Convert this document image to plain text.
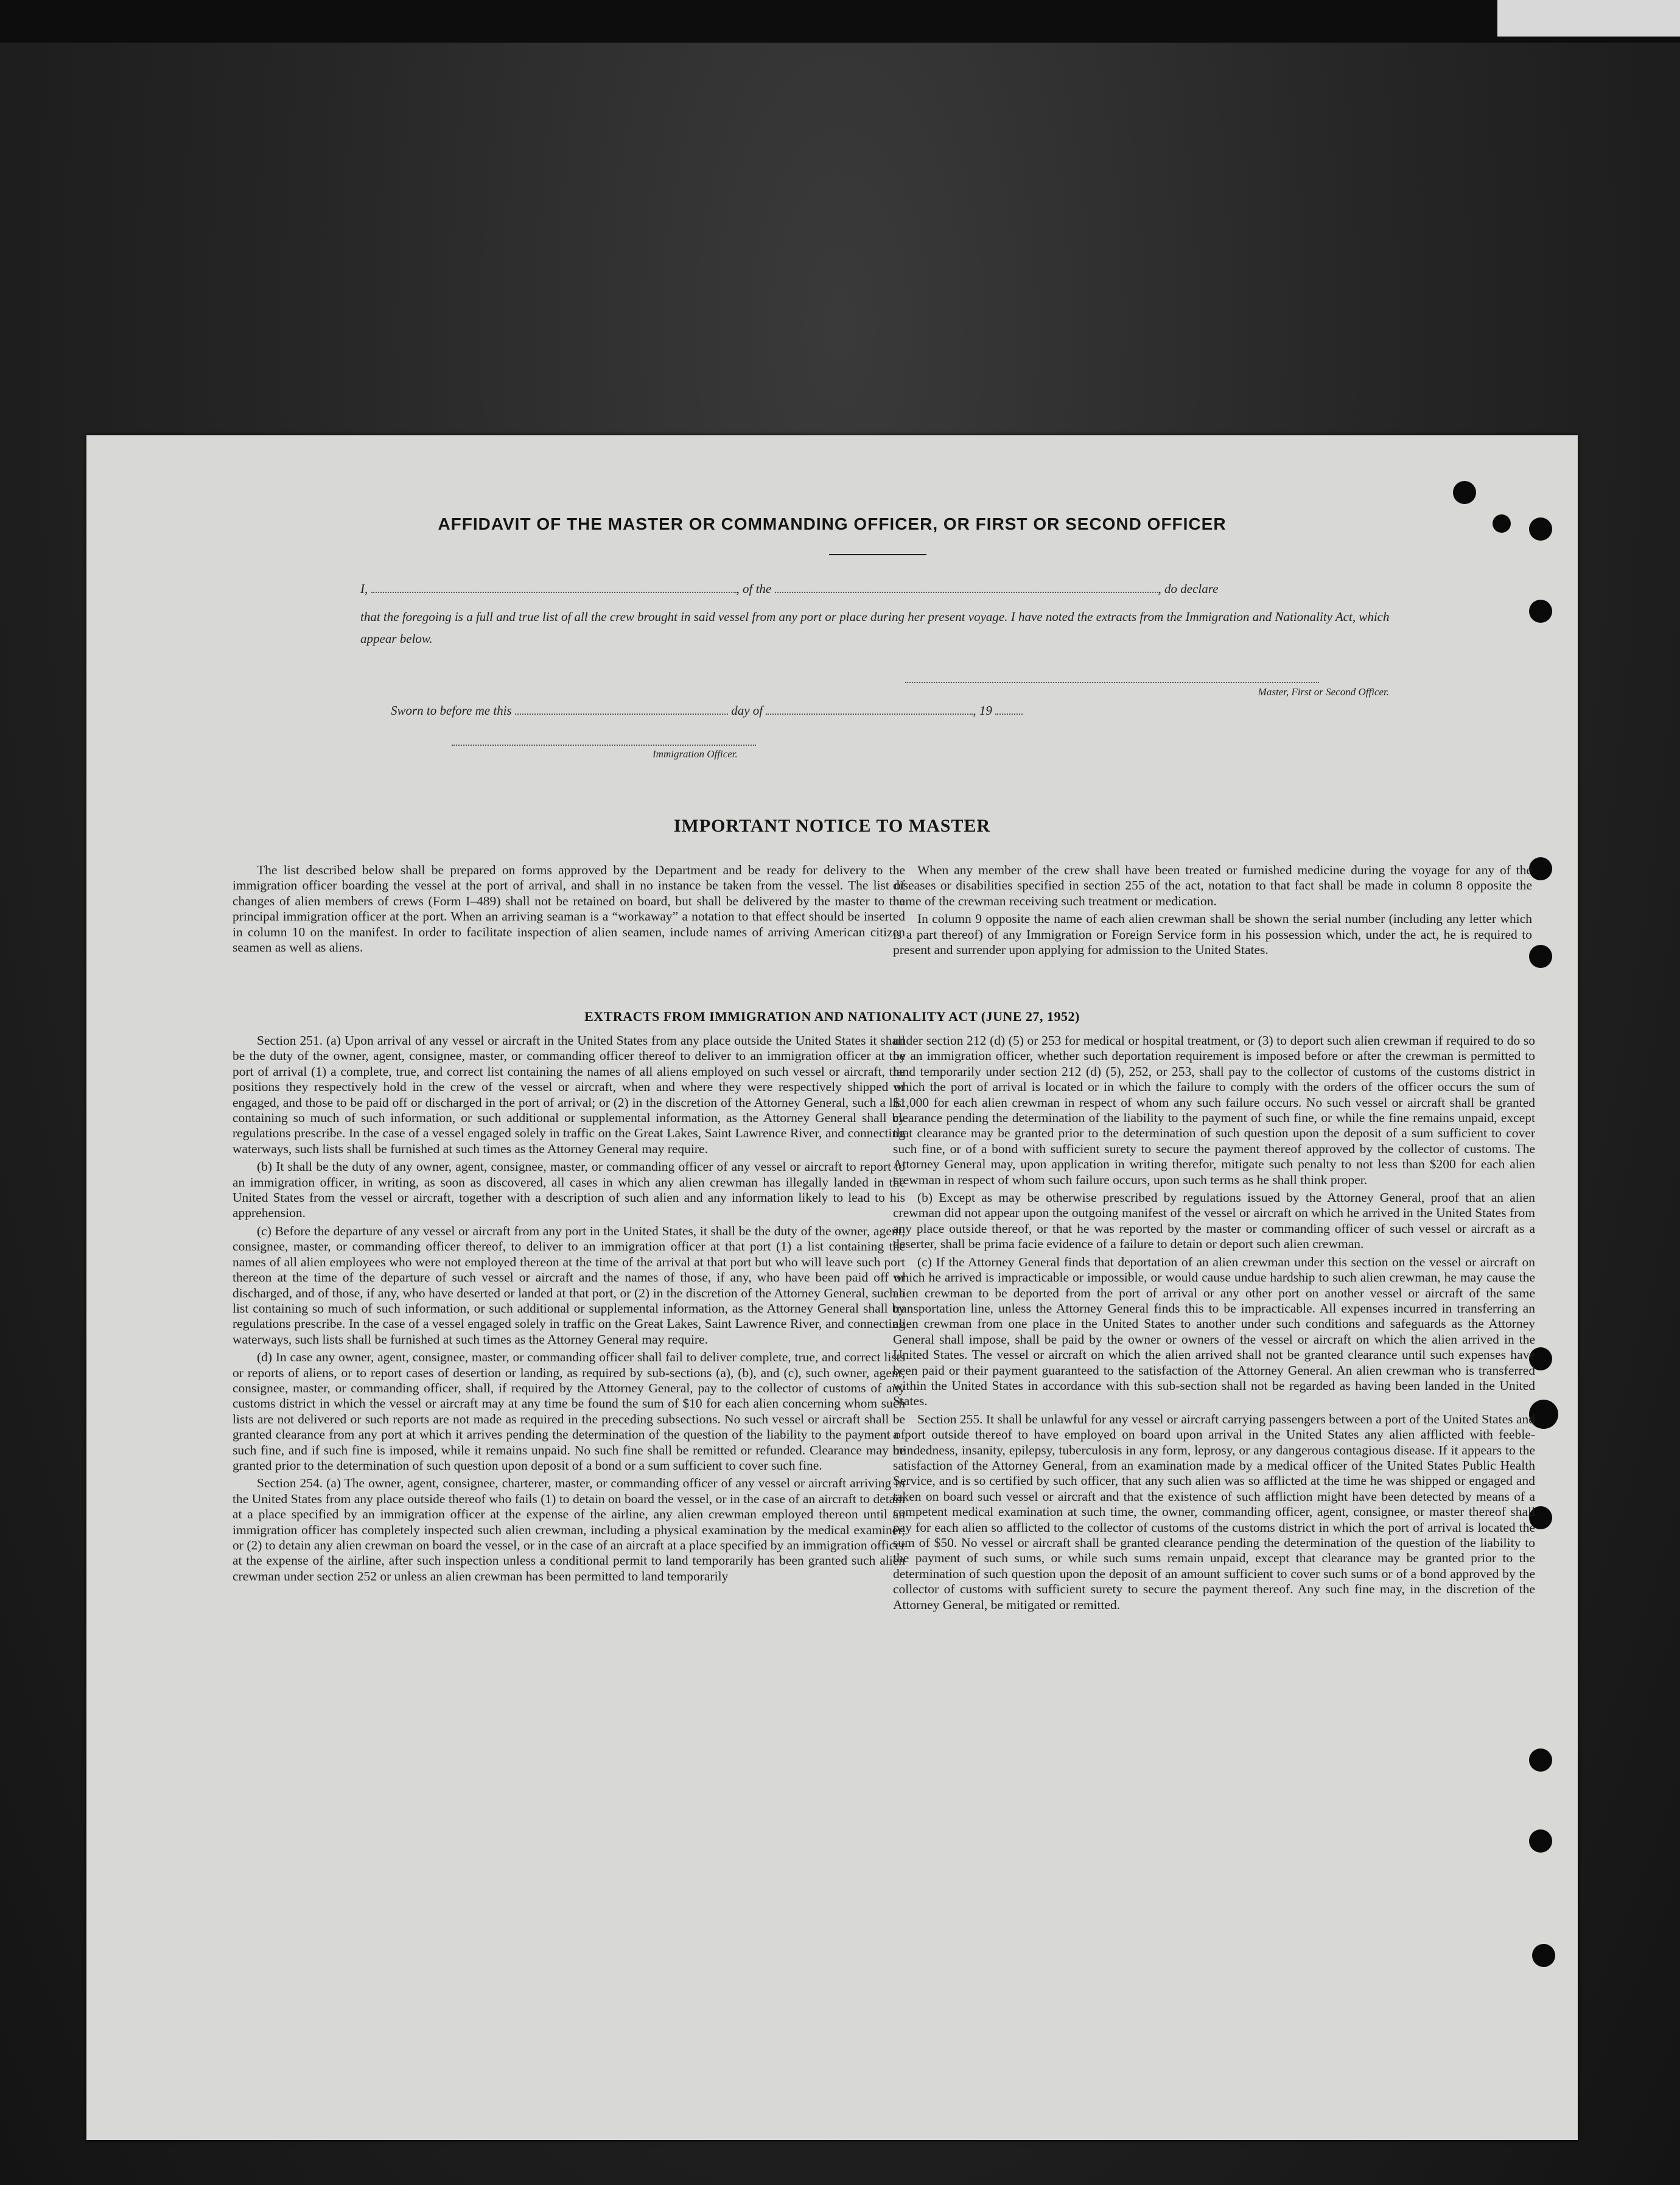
AFFIDAVIT OF THE MASTER OR COMMANDING OFFICER, OR FIRST OR SECOND OFFICER
I,	, of the	, do declare
that the foregoing is a full and true list of all the crew brought in said vessel from any port or place during her present voyage. I have noted the extracts from the Immigration and Nationality Act, which appear below.
Master, First or Second Officer.
Sworn to before me this	day of	, 19
Immigration Officer.
IMPORTANT NOTICE TO MASTER

The list described below shall be prepared on forms approved by the Department and be ready for delivery to the immigration officer boarding the vessel at the port of arrival, and shall in no instance be taken from the vessel. The list of changes of alien members of crews (Form I–489) shall not be retained on board, but shall be delivered by the master to the principal immigration officer at the port. When an arriving seaman is a “workaway” a notation to that effect should be inserted in column 10 on the manifest. In order to facilitate inspection of alien seamen, include names of arriving American citizen seamen as well as aliens.

When any member of the crew shall have been treated or furnished medicine during the voyage for any of the diseases or disabilities specified in section 255 of the act, notation to that fact shall be made in column 8 opposite the name of the crewman receiving such treatment or medication.

In column 9 opposite the name of each alien crewman shall be shown the serial number (including any letter which is a part thereof) of any Immigration or Foreign Service form in his possession which, under the act, he is required to present and surrender upon applying for admission to the United States.

EXTRACTS FROM IMMIGRATION AND NATIONALITY ACT (JUNE 27, 1952)

Section 251. (a) Upon arrival of any vessel or aircraft in the United States from any place outside the United States it shall be the duty of the owner, agent, consignee, master, or commanding officer thereof to deliver to an immigration officer at the port of arrival (1) a complete, true, and correct list containing the names of all aliens employed on such vessel or aircraft, the positions they respectively hold in the crew of the vessel or aircraft, when and where they were respectively shipped or engaged, and those to be paid off or discharged in the port of arrival; or (2) in the discretion of the Attorney General, such a list containing so much of such information, or such additional or supplemental information, as the Attorney General shall by regulations prescribe. In the case of a vessel engaged solely in traffic on the Great Lakes, Saint Lawrence River, and connecting waterways, such lists shall be furnished at such times as the Attorney General may require.

(b) It shall be the duty of any owner, agent, consignee, master, or commanding officer of any vessel or aircraft to report to an immigration officer, in writing, as soon as discovered, all cases in which any alien crewman has illegally landed in the United States from the vessel or aircraft, together with a description of such alien and any information likely to lead to his apprehension.

(c) Before the departure of any vessel or aircraft from any port in the United States, it shall be the duty of the owner, agent, consignee, master, or commanding officer thereof, to deliver to an immigration officer at that port (1) a list containing the names of all alien employees who were not employed thereon at the time of the arrival at that port but who will leave such port thereon at the time of the departure of such vessel or aircraft and the names of those, if any, who have been paid off or discharged, and of those, if any, who have deserted or landed at that port, or (2) in the discretion of the Attorney General, such a list containing so much of such information, or such additional or supplemental information, as the Attorney General shall by regulations prescribe. In the case of a vessel engaged solely in traffic on the Great Lakes, Saint Lawrence River, and connecting waterways, such lists shall be furnished at such times as the Attorney General may require.

(d) In case any owner, agent, consignee, master, or commanding officer shall fail to deliver complete, true, and correct lists or reports of aliens, or to report cases of desertion or landing, as required by sub-sections (a), (b), and (c), such owner, agent, consignee, master, or commanding officer, shall, if required by the Attorney General, pay to the collector of customs of any customs district in which the vessel or aircraft may at any time be found the sum of $10 for each alien concerning whom such lists are not delivered or such reports are not made as required in the preceding subsections. No such vessel or aircraft shall be granted clearance from any port at which it arrives pending the determination of the question of the liability to the payment of such fine, and if such fine is imposed, while it remains unpaid. No such fine shall be remitted or refunded. Clearance may be granted prior to the determination of such question upon deposit of a bond or a sum sufficient to cover such fine.

Section 254. (a) The owner, agent, consignee, charterer, master, or commanding officer of any vessel or aircraft arriving in the United States from any place outside thereof who fails (1) to detain on board the vessel, or in the case of an aircraft to detain at a place specified by an immigration officer at the expense of the airline, any alien crewman employed thereon until an immigration officer has completely inspected such alien crewman, including a physical examination by the medical examiner, or (2) to detain any alien crewman on board the vessel, or in the case of an aircraft at a place specified by an immigration officer at the expense of the airline, after such inspection unless a conditional permit to land temporarily has been granted such alien crewman under section 252 or unless an alien crewman has been permitted to land temporarily

under section 212 (d) (5) or 253 for medical or hospital treatment, or (3) to deport such alien crewman if required to do so by an immigration officer, whether such deportation requirement is imposed before or after the crewman is permitted to land temporarily under section 212 (d) (5), 252, or 253, shall pay to the collector of customs of the customs district in which the port of arrival is located or in which the failure to comply with the orders of the officer occurs the sum of $1,000 for each alien crewman in respect of whom any such failure occurs. No such vessel or aircraft shall be granted clearance pending the determination of the liability to the payment of such fine, or while the fine remains unpaid, except that clearance may be granted prior to the determination of such question upon the deposit of a sum sufficient to cover such fine, or of a bond with sufficient surety to secure the payment thereof approved by the collector of customs. The Attorney General may, upon application in writing therefor, mitigate such penalty to not less than $200 for each alien crewman in respect of whom such failure occurs, upon such terms as he shall think proper.

(b) Except as may be otherwise prescribed by regulations issued by the Attorney General, proof that an alien crewman did not appear upon the outgoing manifest of the vessel or aircraft on which he arrived in the United States from any place outside thereof, or that he was reported by the master or commanding officer of such vessel or aircraft as a deserter, shall be prima facie evidence of a failure to detain or deport such alien crewman.

(c) If the Attorney General finds that deportation of an alien crewman under this section on the vessel or aircraft on which he arrived is impracticable or impossible, or would cause undue hardship to such alien crewman, he may cause the alien crewman to be deported from the port of arrival or any other port on another vessel or aircraft of the same transportation line, unless the Attorney General finds this to be impracticable. All expenses incurred in transferring an alien crewman from one place in the United States to another under such conditions and safeguards as the Attorney General shall impose, shall be paid by the owner or owners of the vessel or aircraft on which the alien arrived in the United States. The vessel or aircraft on which the alien arrived shall not be granted clearance until such expenses have been paid or their payment guaranteed to the satisfaction of the Attorney General. An alien crewman who is transferred within the United States in accordance with this sub-section shall not be regarded as having been landed in the United States.

Section 255. It shall be unlawful for any vessel or aircraft carrying passengers between a port of the United States and a port outside thereof to have employed on board upon arrival in the United States any alien afflicted with feeble-mindedness, insanity, epilepsy, tuberculosis in any form, leprosy, or any dangerous contagious disease. If it appears to the satisfaction of the Attorney General, from an examination made by a medical officer of the United States Public Health Service, and is so certified by such officer, that any such alien was so afflicted at the time he was shipped or engaged and taken on board such vessel or aircraft and that the existence of such affliction might have been detected by means of a competent medical examination at such time, the owner, commanding officer, agent, consignee, or master thereof shall pay for each alien so afflicted to the collector of customs of the customs district in which the port of arrival is located the sum of $50. No vessel or aircraft shall be granted clearance pending the determination of the question of the liability to the payment of such sums, or while such sums remain unpaid, except that clearance may be granted prior to the determination of such question upon the deposit of an amount sufficient to cover such sums or of a bond approved by the collector of customs with sufficient surety to secure the payment thereof. Any such fine may, in the discretion of the Attorney General, be mitigated or remitted.
